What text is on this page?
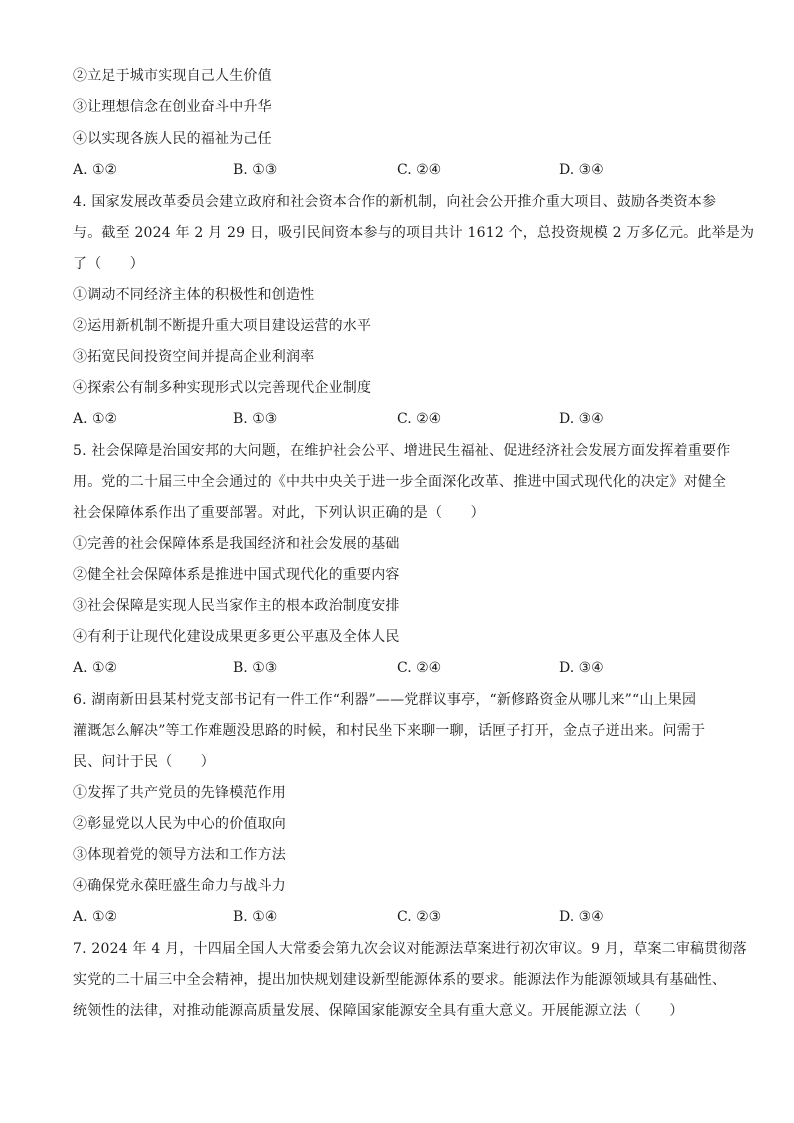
②立足于城市实现自己人生价值
③让理想信念在创业奋斗中升华
④以实现各族人民的福祉为己任
A. ①②	B. ①③	C. ②④	D. ③④
4. 国家发展改革委员会建立政府和社会资本合作的新机制，向社会公开推介重大项目、鼓励各类资本参
与。截至 2024 年 2 月 29 日，吸引民间资本参与的项目共计 1612 个，总投资规模 2 万多亿元。此举是为
了（　　）
①调动不同经济主体的积极性和创造性
②运用新机制不断提升重大项目建设运营的水平
③拓宽民间投资空间并提高企业利润率
④探索公有制多种实现形式以完善现代企业制度
A. ①②	B. ①③	C. ②④	D. ③④
5. 社会保障是治国安邦的大问题，在维护社会公平、增进民生福祉、促进经济社会发展方面发挥着重要作
用。党的二十届三中全会通过的《中共中央关于进一步全面深化改革、推进中国式现代化的决定》对健全
社会保障体系作出了重要部署。对此，下列认识正确的是（　　）
①完善的社会保障体系是我国经济和社会发展的基础
②健全社会保障体系是推进中国式现代化的重要内容
③社会保障是实现人民当家作主的根本政治制度安排
④有利于让现代化建设成果更多更公平惠及全体人民
A. ①②	B. ①③	C. ②④	D. ③④
6. 湖南新田县某村党支部书记有一件工作“利器”——党群议事亭，“新修路资金从哪儿来”“山上果园
灌溉怎么解决”等工作难题没思路的时候，和村民坐下来聊一聊，话匣子打开，金点子迸出来。问需于
民、问计于民（　　）
①发挥了共产党员的先锋模范作用
②彰显党以人民为中心的价值取向
③体现着党的领导方法和工作方法
④确保党永葆旺盛生命力与战斗力
A. ①②	B. ①④	C. ②③	D. ③④
7. 2024 年 4 月，十四届全国人大常委会第九次会议对能源法草案进行初次审议。9 月，草案二审稿贯彻落
实党的二十届三中全会精神，提出加快规划建设新型能源体系的要求。能源法作为能源领域具有基础性、
统领性的法律，对推动能源高质量发展、保障国家能源安全具有重大意义。开展能源立法（　　）
